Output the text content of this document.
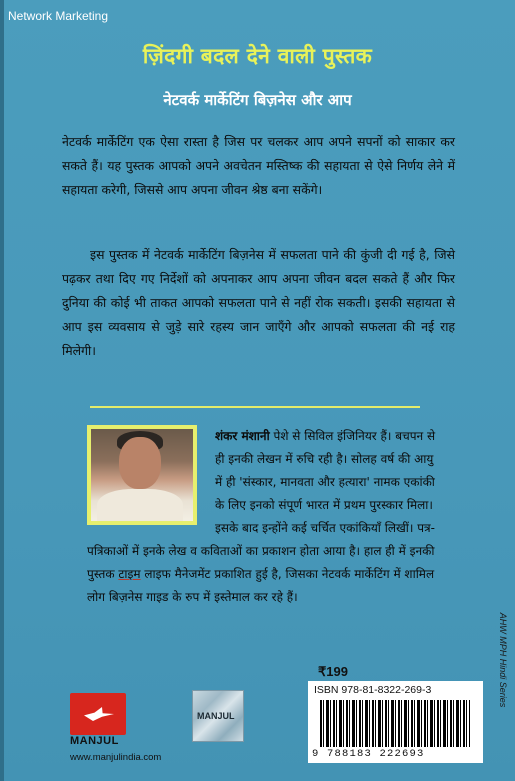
Network Marketing
ज़िंदगी बदल देने वाली पुस्तक
नेटवर्क मार्केटिंग बिज़नेस और आप
नेटवर्क मार्केटिंग एक ऐसा रास्ता है जिस पर चलकर आप अपने सपनों को साकार कर सकते हैं। यह पुस्तक आपको अपने अवचेतन मस्तिष्क की सहायता से ऐसे निर्णय लेने में सहायता करेगी, जिससे आप अपना जीवन श्रेष्ठ बना सकेंगे।
इस पुस्तक में नेटवर्क मार्केटिंग बिज़नेस में सफलता पाने की कुंजी दी गई है, जिसे पढ़कर तथा दिए गए निर्देशों को अपनाकर आप अपना जीवन बदल सकते हैं और फिर दुनिया की कोई भी ताकत आपको सफलता पाने से नहीं रोक सकती। इसकी सहायता से आप इस व्यवसाय से जुड़े सारे रहस्य जान जाएँगे और आपको सफलता की नई राह मिलेगी।
शंकर मंशानी पेशे से सिविल इंजिनियर हैं। बचपन से ही इनकी लेखन में रुचि रही है। सोलह वर्ष की आयु में ही 'संस्कार, मानवता और हत्यारा' नामक एकांकी के लिए इनको संपूर्ण भारत में प्रथम पुरस्कार मिला। इसके बाद इन्होंने कई चर्चित एकांकियाँ लिखीं। पत्र-पत्रिकाओं में इनके लेख व कविताओं का प्रकाशन होता आया है। हाल ही में इनकी पुस्तक टाइम लाइफ मैनेजमेंट प्रकाशित हुई है, जिसका नेटवर्क मार्केटिंग में शामिल लोग बिज़नेस गाइड के रुप में इस्तेमाल कर रहे हैं।
MANJUL
www.manjulindia.com
MANJUL
₹199
ISBN 978-81-8322-269-3
9 788183 222693
AHW MPH Hindi Series
